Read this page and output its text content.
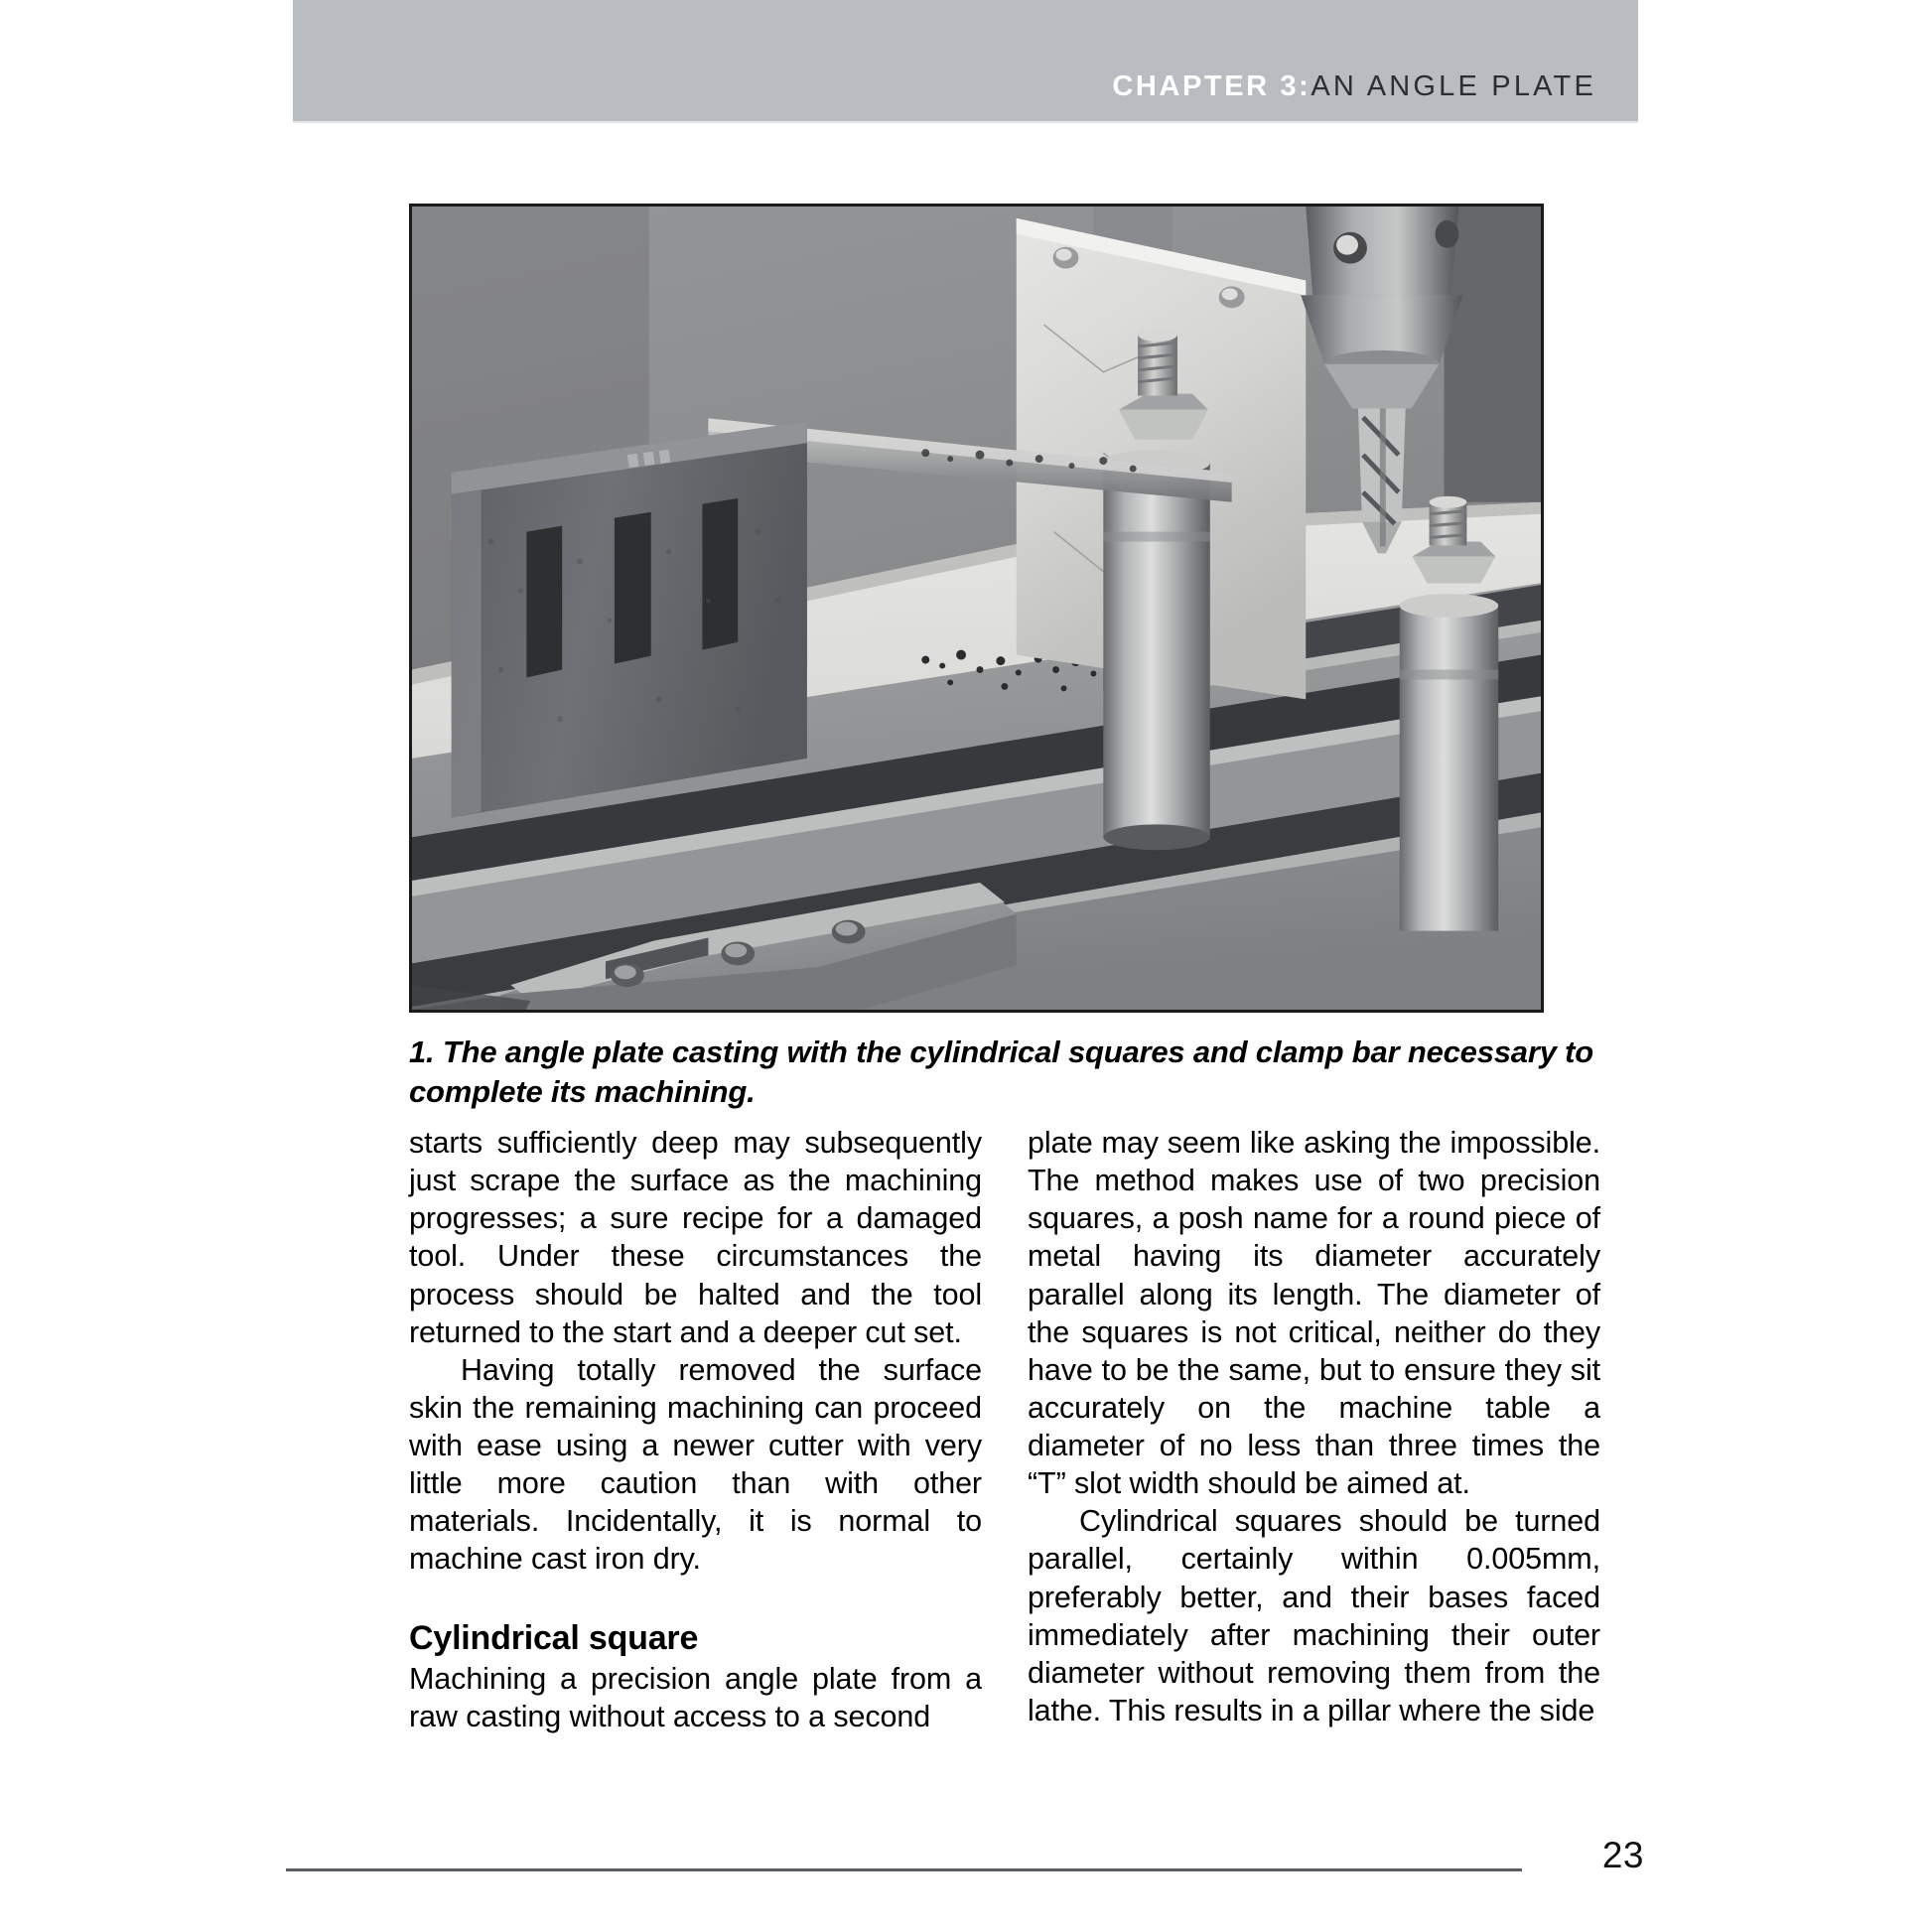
CHAPTER 3:AN ANGLE PLATE
1. The angle plate casting with the cylindrical squares and clamp bar necessary to complete its machining.

starts sufficiently deep may subsequently just scrape the surface as the machining progresses; a sure recipe for a damaged tool. Under these circumstances the process should be halted and the tool returned to the start and a deeper cut set.

Having totally removed the surface skin the remaining machining can proceed with ease using a newer cutter with very little more caution than with other materials. Incidentally, it is normal to machine cast iron dry.

Cylindrical square

Machining a precision angle plate from a raw casting without access to a second

plate may seem like asking the impossible. The method makes use of two precision squares, a posh name for a round piece of metal having its diameter accurately parallel along its length. The diameter of the squares is not critical, neither do they have to be the same, but to ensure they sit accurately on the machine table a diameter of no less than three times the “T” slot width should be aimed at.

Cylindrical squares should be turned parallel, certainly within 0.005mm, preferably better, and their bases faced immediately after machining their outer diameter without removing them from the lathe. This results in a pillar where the side

23
